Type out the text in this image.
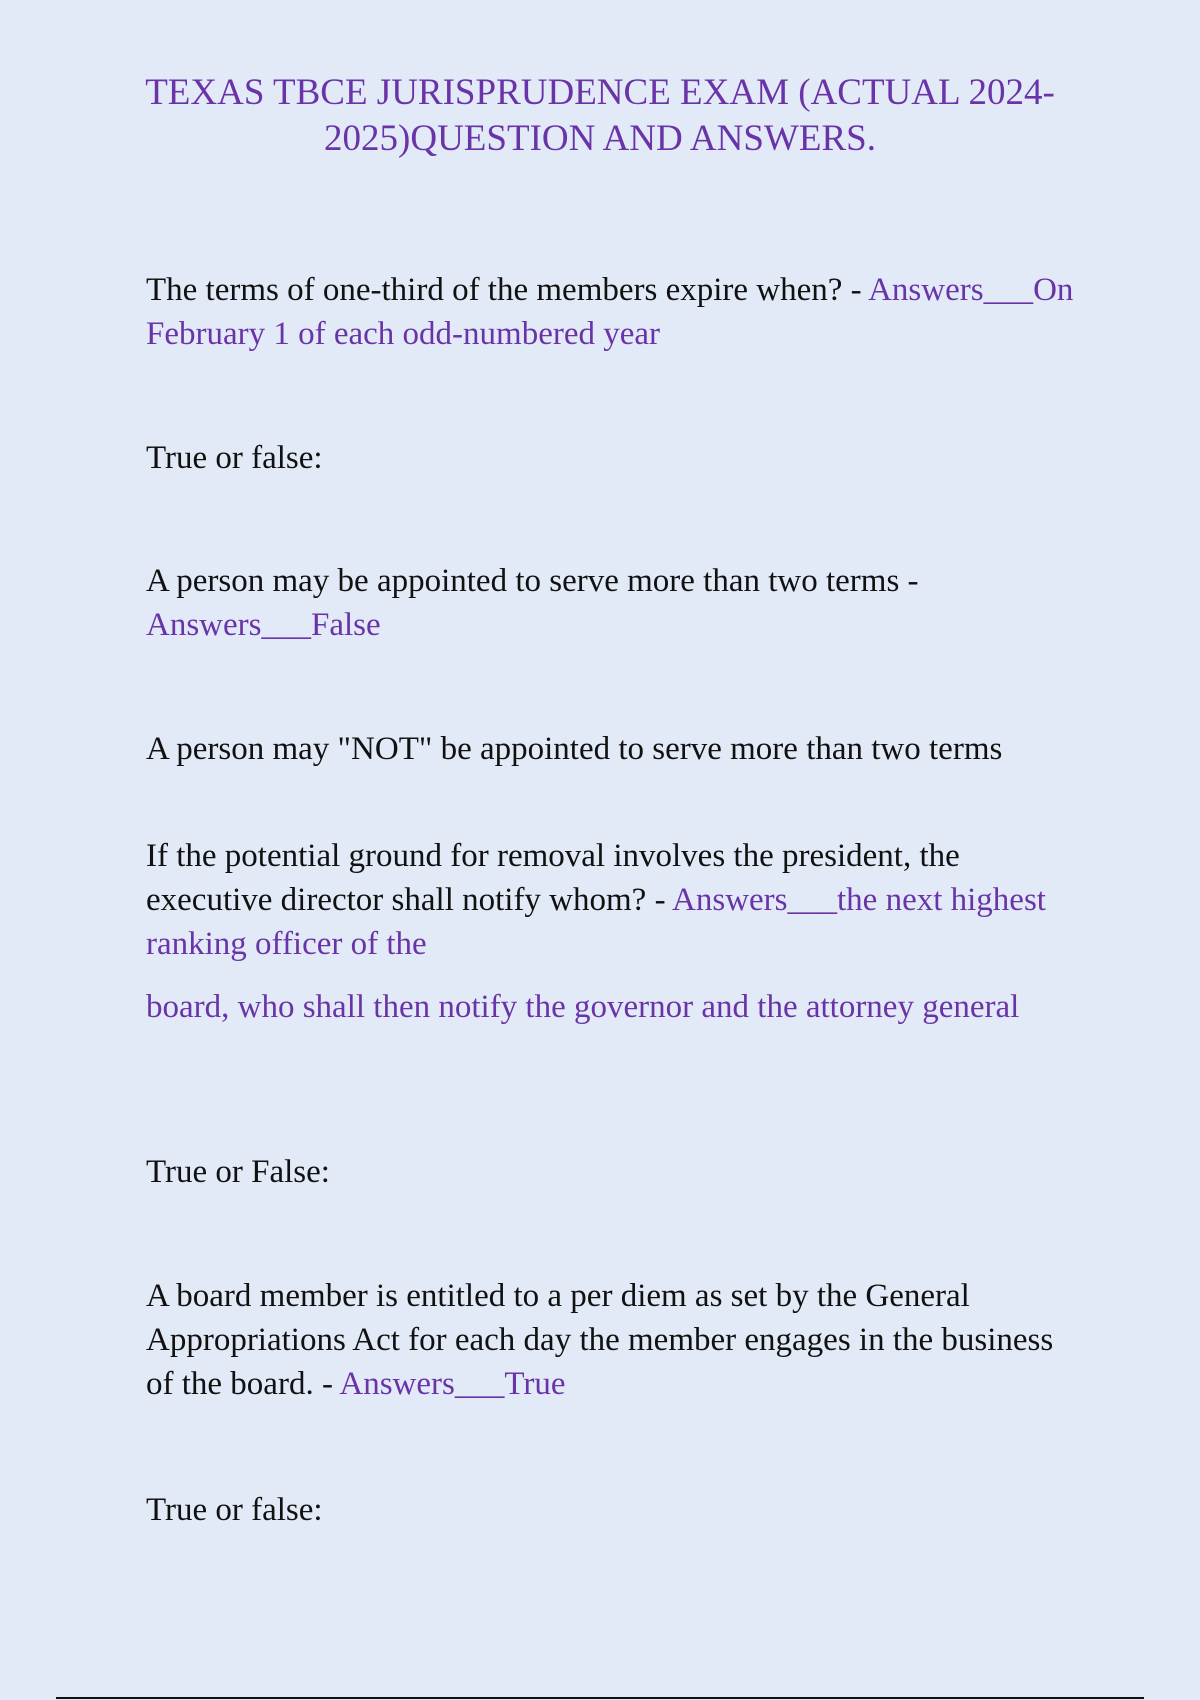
TEXAS TBCE JURISPRUDENCE EXAM (ACTUAL 2024-2025)QUESTION AND ANSWERS.

The terms of one-third of the members expire when? - Answers___On February 1 of each odd-numbered year

True or false:

A person may be appointed to serve more than two terms - Answers___False

A person may "NOT" be appointed to serve more than two terms

If the potential ground for removal involves the president, the executive director shall notify whom? - Answers___the next highest ranking officer of the

board, who shall then notify the governor and the attorney general

True or False:

A board member is entitled to a per diem as set by the General Appropriations Act for each day the member engages in the business of the board. - Answers___True

True or false:
